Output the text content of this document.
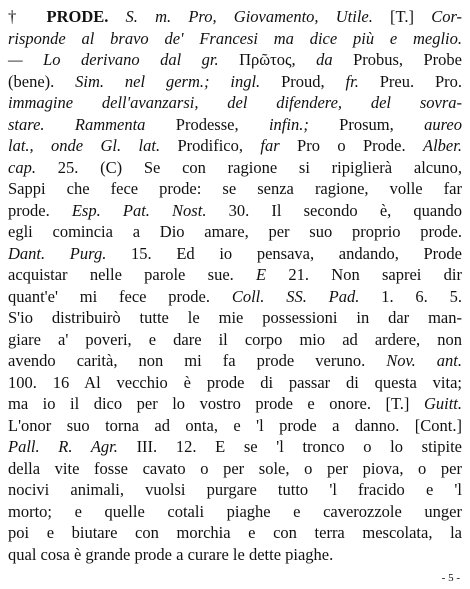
† PRODE. S. m. Pro, Giovamento, Utile. [T.] Cor-
risponde al bravo de' Francesi ma dice più e meglio.
— Lo derivano dal gr. Πρῶτος, da Probus, Probe
(bene). Sim. nel germ.; ingl. Proud, fr. Preu. Pro.
immagine dell'avanzarsi, del difendere, del sovra-
stare. Rammenta Prodesse, infin.; Prosum, aureo
lat., onde Gl. lat. Prodifico, far Pro o Prode. Alber.
cap. 25. (C) Se con ragione si ripiglierà alcuno,
Sappi che fece prode: se senza ragione, volle far
prode. Esp. Pat. Nost. 30. Il secondo è, quando
egli comincia a Dio amare, per suo proprio prode.
Dant. Purg. 15. Ed io pensava, andando, Prode
acquistar nelle parole sue. E 21. Non saprei dir
quant'e' mi fece prode. Coll. SS. Pad. 1. 6. 5.
S'io distribuirò tutte le mie possessioni in dar man-
giare a' poveri, e dare il corpo mio ad ardere, non
avendo carità, non mi fa prode veruno. Nov. ant.
100. 16 Al vecchio è prode di passar di questa vita;
ma io il dico per lo vostro prode e onore. [T.] Guitt.
L'onor suo torna ad onta, e 'l prode a danno. [Cont.]
Pall. R. Agr. III. 12. E se 'l tronco o lo stipite
della vite fosse cavato o per sole, o per piova, o per
nocivi animali, vuolsi purgare tutto 'l fracido e 'l
morto; e quelle cotali piaghe e caverozzole unger
poi e biutare con morchia e con terra mescolata, la
qual cosa è grande prode a curare le dette piaghe.
- 5 -
